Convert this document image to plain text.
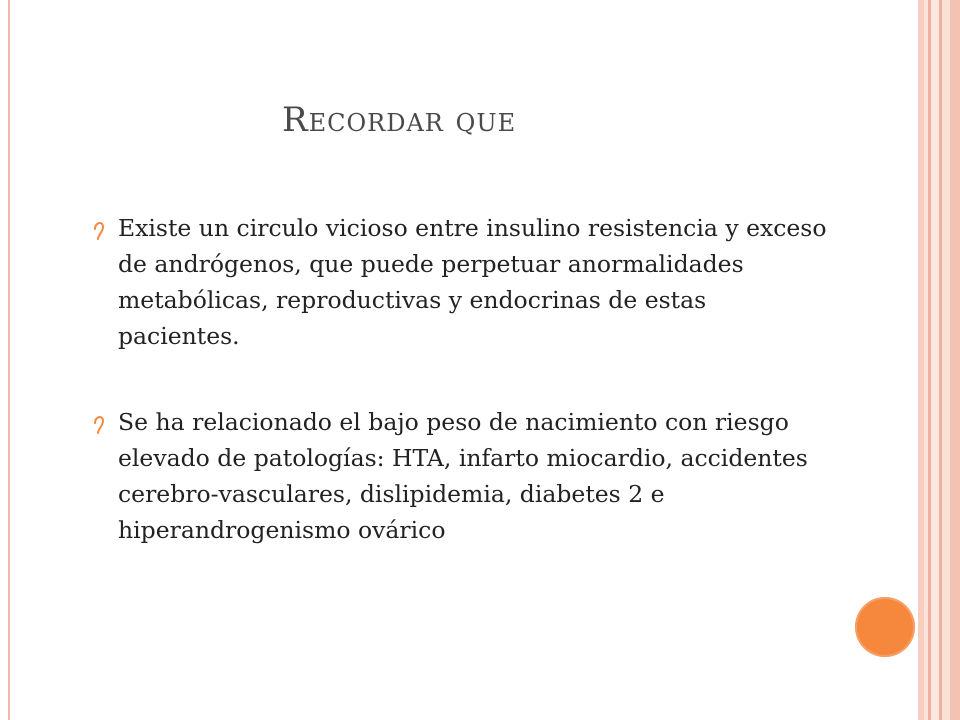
Recordar que
Existe un circulo vicioso entre insulino resistencia y exceso de andrógenos, que puede perpetuar anormalidades metabólicas, reproductivas y endocrinas de estas pacientes.
Se ha relacionado el bajo peso de nacimiento con riesgo elevado de patologías: HTA, infarto miocardio, accidentes cerebro-vasculares, dislipidemia, diabetes 2 e hiperandrogenismo ovárico
